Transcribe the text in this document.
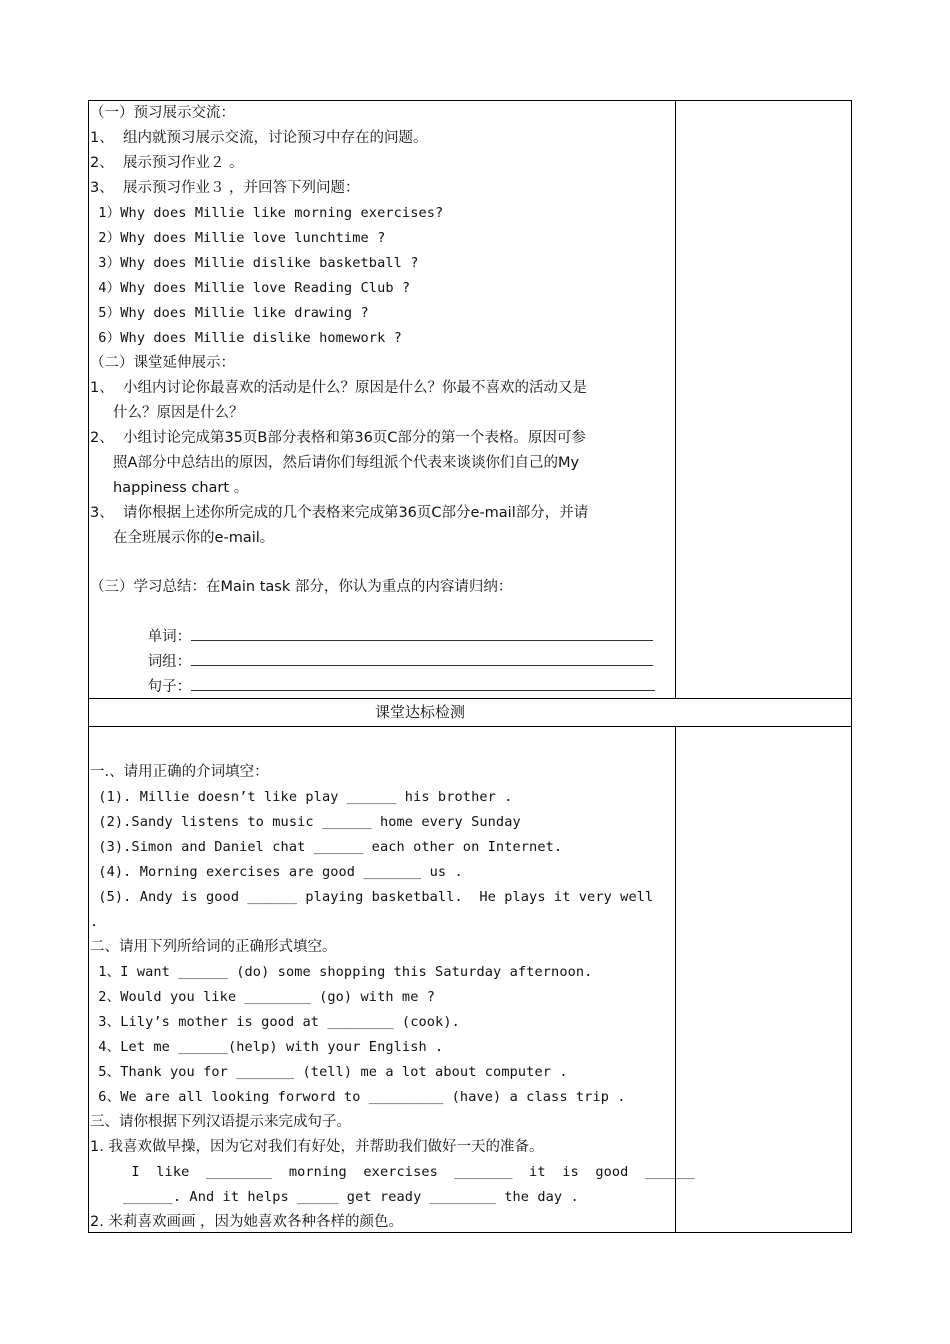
（一）预习展示交流：
1、  组内就预习展示交流，讨论预习中存在的问题。
2、  展示预习作业２ 。
3、  展示预习作业３ ，并回答下列问题：
1）Why does Millie like morning exercises?
2）Why does Millie love lunchtime ?
3）Why does Millie dislike basketball ?
4）Why does Millie love Reading Club ?
5）Why does Millie like drawing ?
6）Why does Millie dislike homework ?
（二）课堂延伸展示：
1、  小组内讨论你最喜欢的活动是什么？原因是什么？你最不喜欢的活动又是
什么？原因是什么？
2、  小组讨论完成第35页B部分表格和第36页C部分的第一个表格。原因可参
照A部分中总结出的原因，然后请你们每组派个代表来谈谈你们自己的My
happiness chart 。
3、  请你根据上述你所完成的几个表格来完成第36页C部分e-mail部分，并请
在全班展示你的e-mail。
（三）学习总结：在Main task 部分，你认为重点的内容请归纳：

单词：

词组：

句子：

课堂达标检测
一.、请用正确的介词填空：
(1). Millie doesn’t like play ______ his brother .
(2).Sandy listens to music ______ home every Sunday
(3).Simon and Daniel chat ______ each other on Internet.
(4). Morning exercises are good _______ us .
(5). Andy is good ______ playing basketball.  He plays it very well
.
二、请用下列所给词的正确形式填空。
1、I want ______ (do) some shopping this Saturday afternoon.
2、Would you like ________ (go) with me ?
3、Lily’s mother is good at ________ (cook).
4、Let me ______(help) with your English .
5、Thank you for _______ (tell) me a lot about computer .
6、We are all looking forword to _________ (have) a class trip .
三、请你根据下列汉语提示来完成句子。
1. 我喜欢做早操，因为它对我们有好处，并帮助我们做好一天的准备。
I  like  ________  morning  exercises  _______  it  is  good  ______
______. And it helps _____ get ready ________ the day .
2. 米莉喜欢画画 ，因为她喜欢各种各样的颜色。
